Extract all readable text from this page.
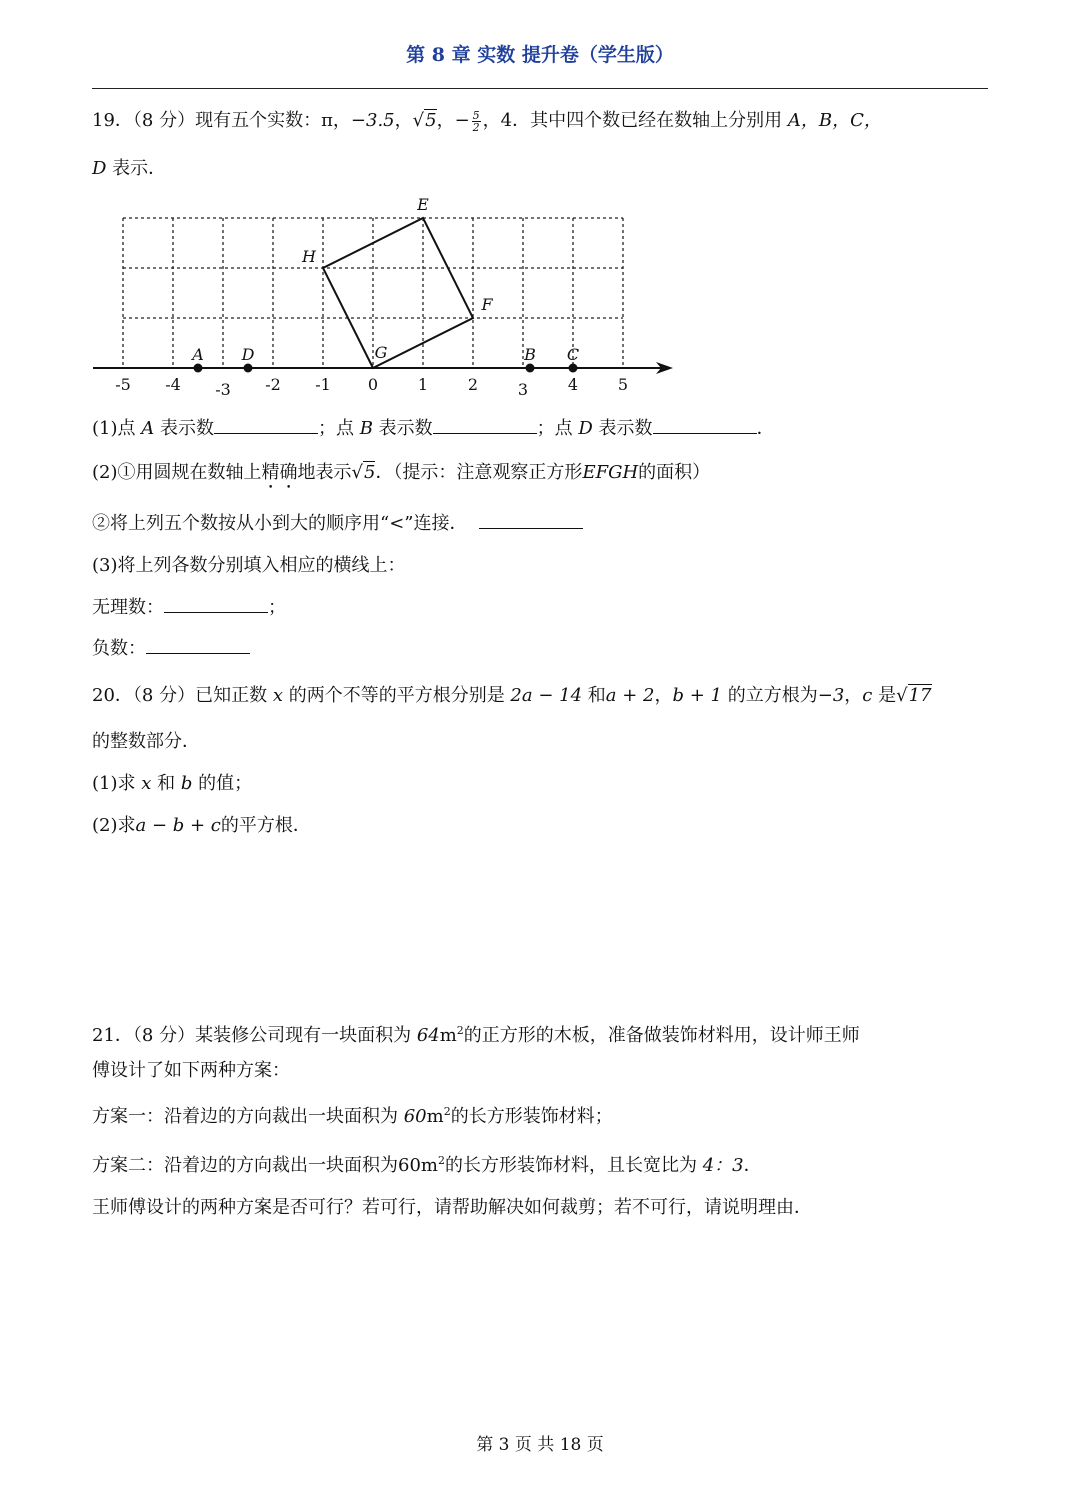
第 8 章 实数 提升卷（学生版）
19．（8 分）现有五个实数：π，−3.5，√5，− $\frac{5}{2}$ ，4．其中四个数已经在数轴上分别用 A，B，C，
D 表示．
-5 -4 -3 -2 -1 0 1 2 3 4 5
G
F
E
H
A D	B C
(1)点 A 表示数	；点 B 表示数	；点 D 表示数	．
(2)①用圆规在数轴上精确地表示√5．（提示：注意观察正方形EFGH的面积）
②将上列五个数按从小到大的顺序用“<”连接．
(3)将上列各数分别填入相应的横线上：
无理数：	；
负数：
20．（8 分）已知正数 x 的两个不等的平方根分别是 2a − 14 和a + 2，b + 1 的立方根为−3，c 是√17
的整数部分．
(1)求 x 和 b 的值；
(2)求a − b + c的平方根．
21．（8 分）某装修公司现有一块面积为 $64m^2$的正方形的木板，准备做装饰材料用，设计师王师
傅设计了如下两种方案：
方案一：沿着边的方向裁出一块面积为 $60m^2$的长方形装饰材料；
方案二：沿着边的方向裁出一块面积为$60m^2$的长方形装饰材料，且长宽比为 4：3．
王师傅设计的两种方案是否可行？若可行，请帮助解决如何裁剪；若不可行，请说明理由．
第 3 页 共 18 页
